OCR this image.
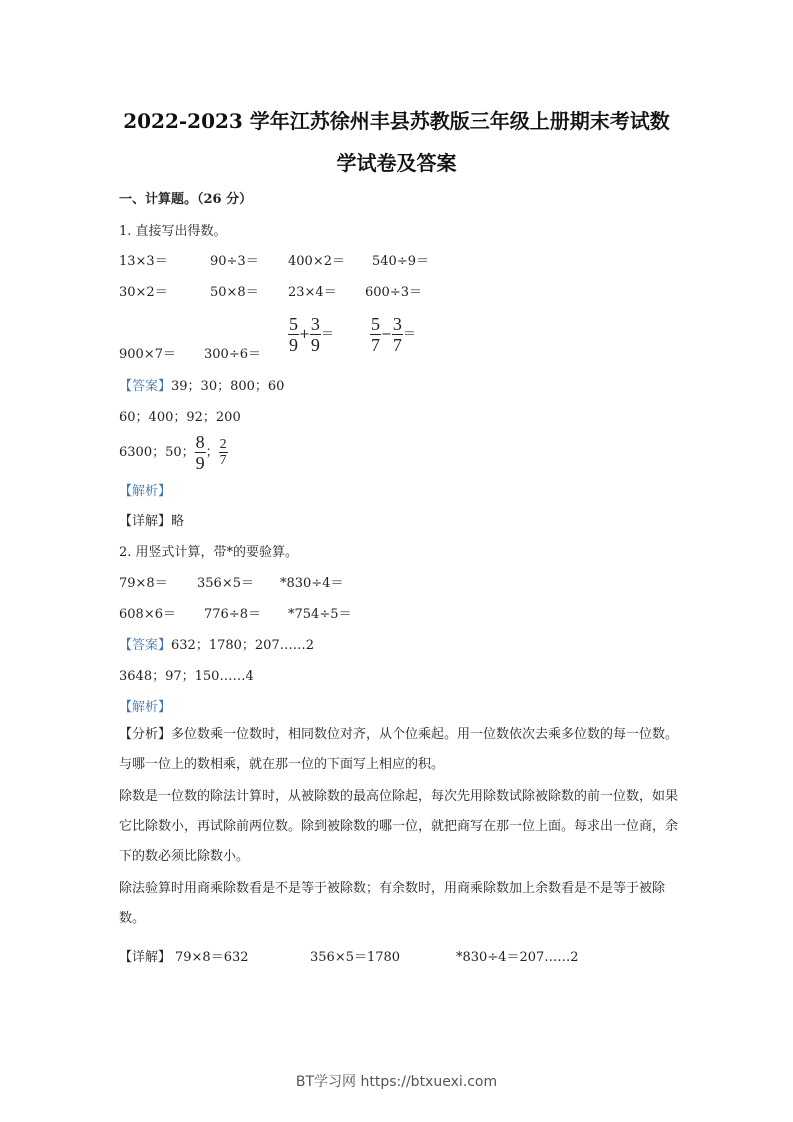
2022-2023 学年江苏徐州丰县苏教版三年级上册期末考试数
学试卷及答案
一、计算题。（26 分）
1. 直接写出得数。
13×3＝	90÷3＝ 400×2＝ 540÷9＝
30×2＝	50×8＝ 23×4＝ 600÷3＝
$900\times 7= 300\div 6= \frac{5}{9} + \frac{3}{9} = \frac{5}{7} - \frac{3}{7}$ ＝
【答案】39；30；800；60
60；400；92；200
6300；50； $\frac{8}{9}$ ； $\frac{2}{7}$
【解析】
【详解】略
2. 用竖式计算，带*的要验算。
79×8＝ 356×5＝ *830÷4＝
608×6＝ 776÷8＝ *754÷5＝
【答案】632；1780；207……2
3648；97；150……4
【解析】
【分析】多位数乘一位数时，相同数位对齐，从个位乘起。用一位数依次去乘多位数的每一位数。与哪一位上的数相乘，就在那一位的下面写上相应的积。
除数是一位数的除法计算时，从被除数的最高位除起，每次先用除数试除被除数的前一位数，如果它比除数小，再试除前两位数。除到被除数的哪一位，就把商写在那一位上面。每求出一位商，余下的数必须比除数小。
除法验算时用商乘除数看是不是等于被除数；有余数时，用商乘除数加上余数看是不是等于被除数。
【详解】 79×8＝632	356×5＝1780	*830÷4＝207……2
BT学习网 https://btxuexi.com
